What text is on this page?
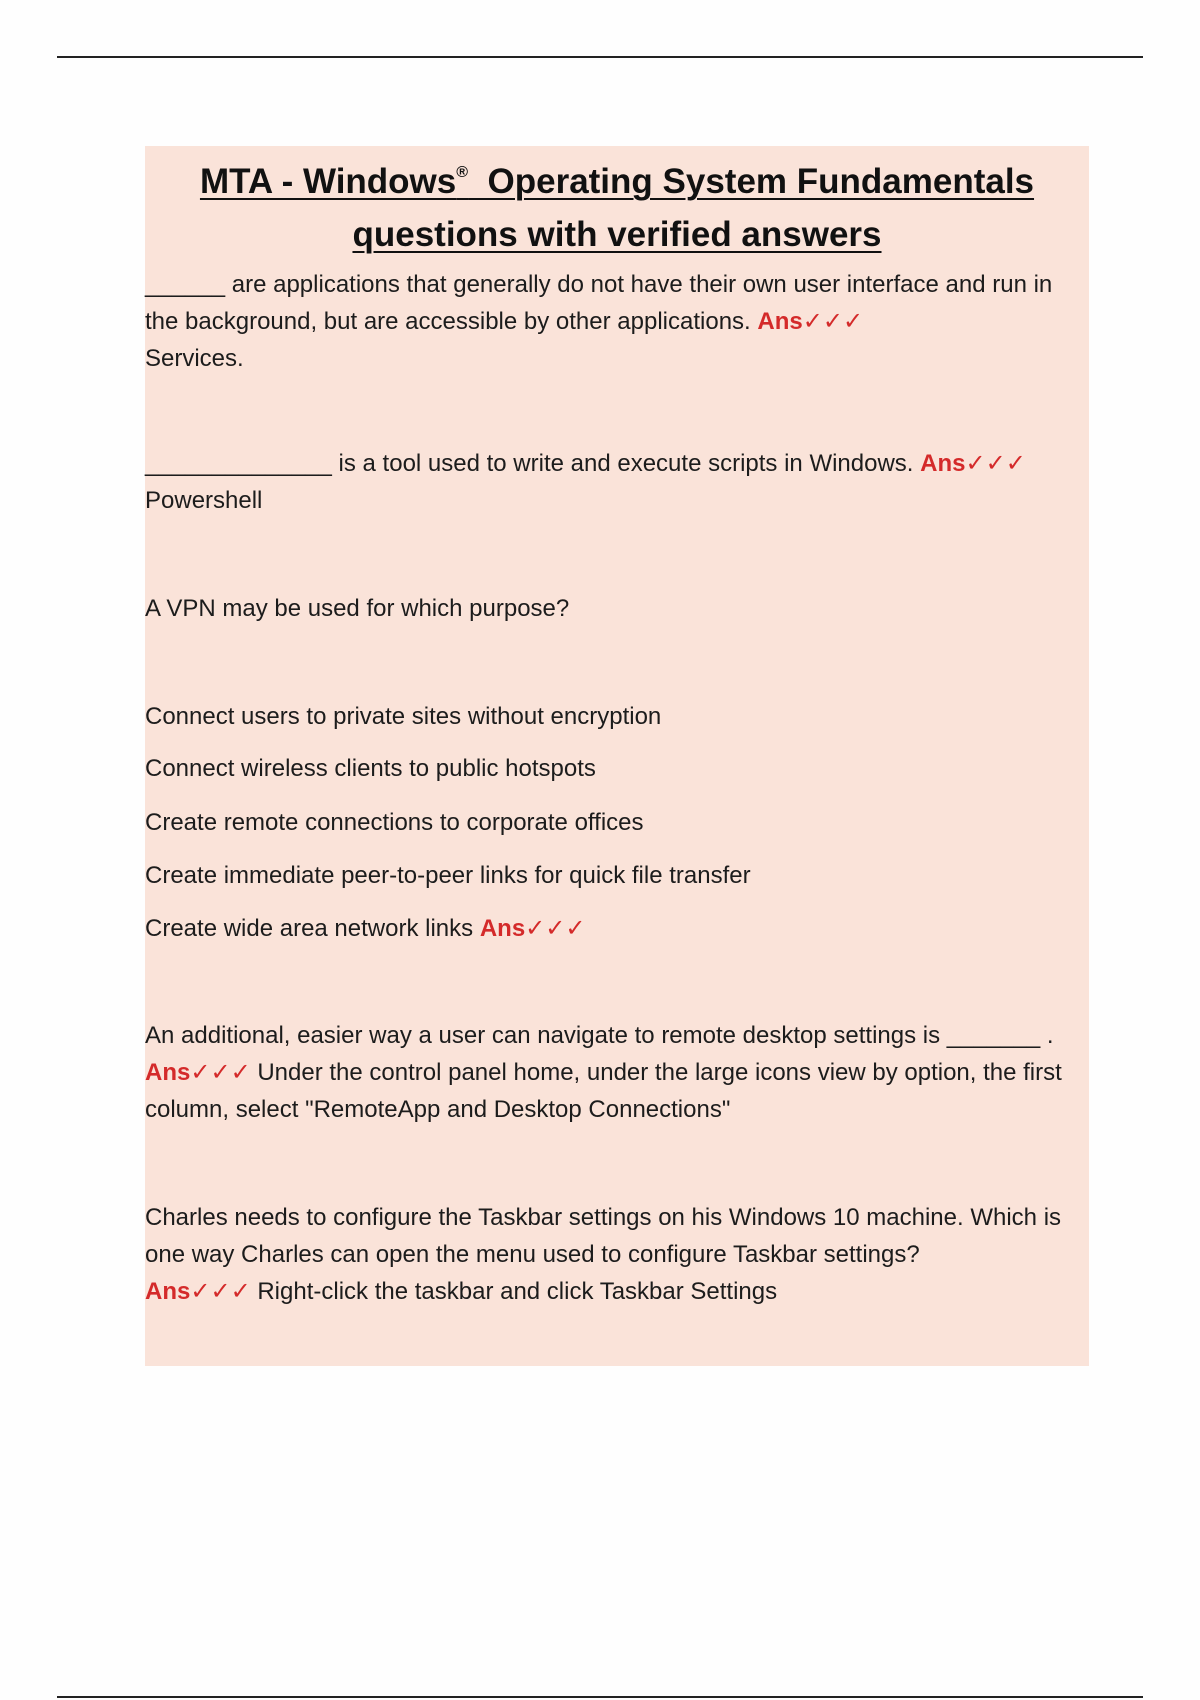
MTA - Windows® Operating System Fundamentals
questions with verified answers

______ are applications that generally do not have their own user interface and run in the background, but are accessible by other applications. Ans✓✓✓
Services.

______________ is a tool used to write and execute scripts in Windows. Ans✓✓✓
Powershell

A VPN may be used for which purpose?

Connect users to private sites without encryption

Connect wireless clients to public hotspots

Create remote connections to corporate offices

Create immediate peer-to-peer links for quick file transfer

Create wide area network links Ans✓✓✓

An additional, easier way a user can navigate to remote desktop settings is _______ . Ans✓✓✓ Under the control panel home, under the large icons view by option, the first column, select "RemoteApp and Desktop Connections"

Charles needs to configure the Taskbar settings on his Windows 10 machine. Which is one way Charles can open the menu used to configure Taskbar settings?
Ans✓✓✓ Right-click the taskbar and click Taskbar Settings
